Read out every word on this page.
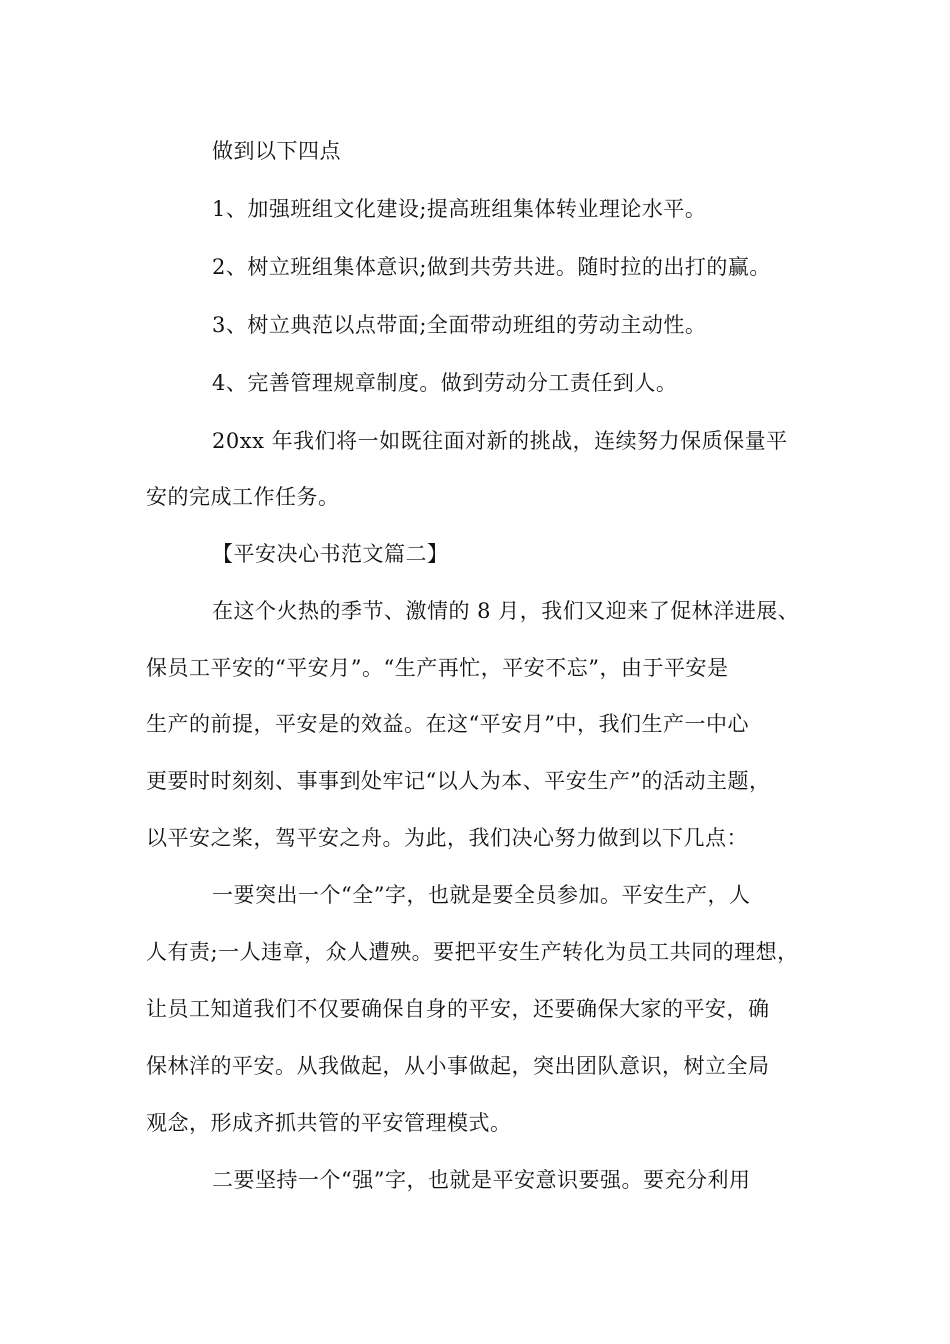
做到以下四点
1、加强班组文化建设;提高班组集体转业理论水平。
2、树立班组集体意识;做到共劳共进。随时拉的出打的赢。
3、树立典范以点带面;全面带动班组的劳动主动性。
4、完善管理规章制度。做到劳动分工责任到人。
20xx 年我们将一如既往面对新的挑战，连续努力保质保量平
安的完成工作任务。
【平安决心书范文篇二】
在这个火热的季节、激情的 8 月，我们又迎来了促林洋进展、
保员工平安的“平安月”。“生产再忙，平安不忘”，由于平安是
生产的前提，平安是的效益。在这“平安月”中，我们生产一中心
更要时时刻刻、事事到处牢记“以人为本、平安生产”的活动主题，
以平安之桨，驾平安之舟。为此，我们决心努力做到以下几点：
一要突出一个“全”字，也就是要全员参加。平安生产，人
人有责;一人违章，众人遭殃。要把平安生产转化为员工共同的理想，
让员工知道我们不仅要确保自身的平安，还要确保大家的平安，确
保林洋的平安。从我做起，从小事做起，突出团队意识，树立全局
观念，形成齐抓共管的平安管理模式。
二要坚持一个“强”字，也就是平安意识要强。要充分利用
